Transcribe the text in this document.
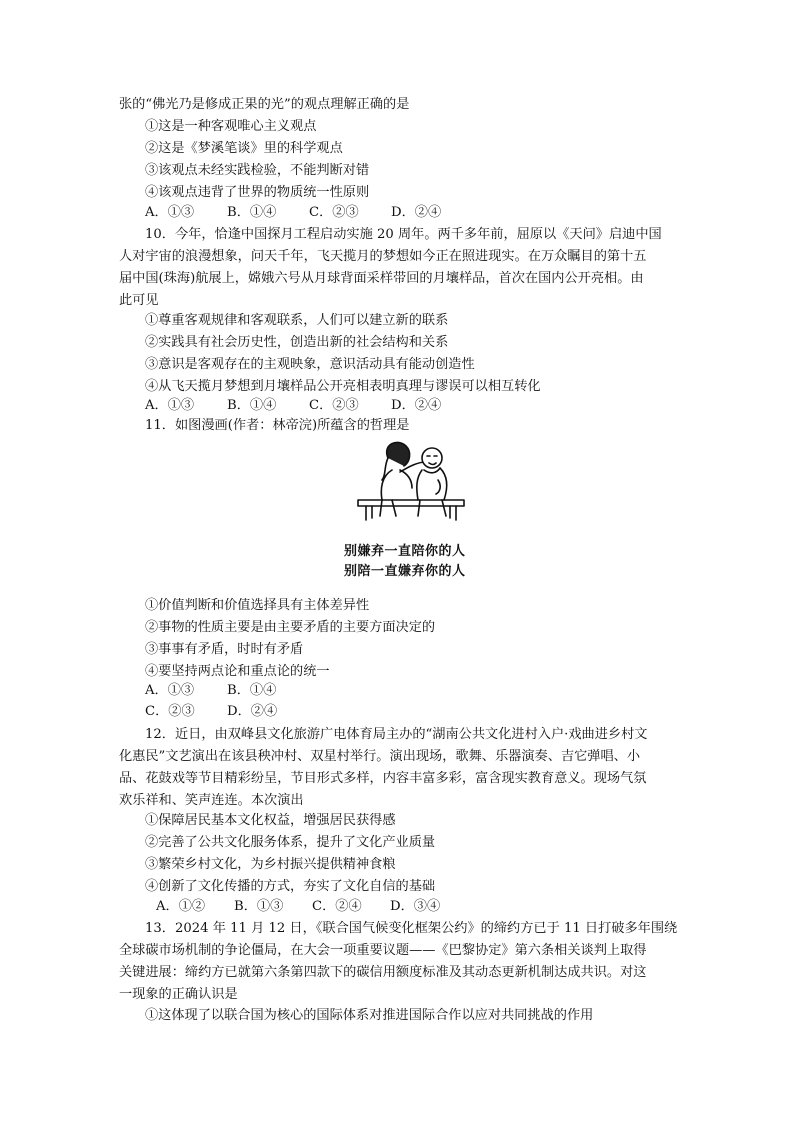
张的“佛光乃是修成正果的光”的观点理解正确的是
①这是一种客观唯心主义观点
②这是《梦溪笔谈》里的科学观点
③该观点未经实践检验，不能判断对错
④该观点违背了世界的物质统一性原则
A．①③	B．①④	C．②③	D．②④
10．今年，恰逢中国探月工程启动实施 20 周年。两千多年前，屈原以《天问》启迪中国
人对宇宙的浪漫想象，问天千年，飞天揽月的梦想如今正在照进现实。在万众瞩目的第十五
届中国(珠海)航展上，嫦娥六号从月球背面采样带回的月壤样品，首次在国内公开亮相。由
此可见
①尊重客观规律和客观联系，人们可以建立新的联系
②实践具有社会历史性，创造出新的社会结构和关系
③意识是客观存在的主观映象，意识活动具有能动创造性
④从飞天揽月梦想到月壤样品公开亮相表明真理与谬误可以相互转化
A．①③	B．①④	C．②③	D．②④
11．如图漫画(作者：林帝浣)所蕴含的哲理是
别嫌弃一直陪你的人
别陪一直嫌弃你的人
①价值判断和价值选择具有主体差异性
②事物的性质主要是由主要矛盾的主要方面决定的
③事事有矛盾，时时有矛盾
④要坚持两点论和重点论的统一
A．①③	B．①④
C．②③	D．②④
12．近日，由双峰县文化旅游广电体育局主办的“湖南公共文化进村入户·戏曲进乡村文
化惠民”文艺演出在该县秧冲村、双星村举行。演出现场，歌舞、乐器演奏、吉它弹唱、小
品、花鼓戏等节目精彩纷呈，节目形式多样，内容丰富多彩，富含现实教育意义。现场气氛
欢乐祥和、笑声连连。本次演出
①保障居民基本文化权益，增强居民获得感
②完善了公共文化服务体系，提升了文化产业质量
③繁荣乡村文化，为乡村振兴提供精神食粮
④创新了文化传播的方式，夯实了文化自信的基础
A．①②	B．①③	C．②④	D．③④
13．2024 年 11 月 12 日，《联合国气候变化框架公约》的缔约方已于 11 日打破多年围绕
全球碳市场机制的争论僵局，在大会一项重要议题——《巴黎协定》第六条相关谈判上取得
关键进展：缔约方已就第六条第四款下的碳信用额度标准及其动态更新机制达成共识。对这
一现象的正确认识是
①这体现了以联合国为核心的国际体系对推进国际合作以应对共同挑战的作用
